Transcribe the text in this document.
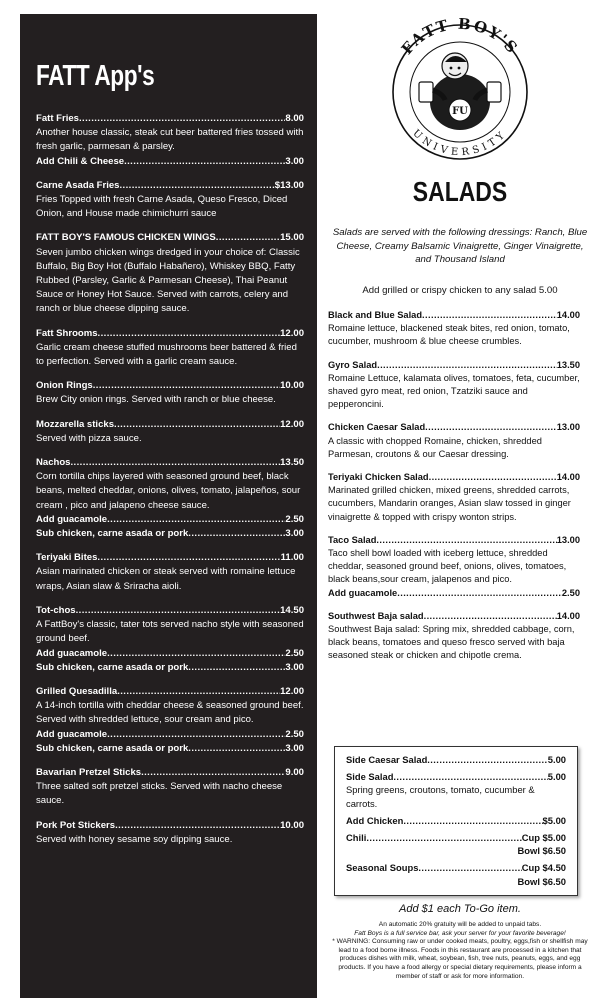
FATT App's
Fatt Fries .....	8.00
Another house classic, steak cut beer battered fries tossed with fresh garlic, parmesan & parsley.
Add Chili & Cheese .....	3.00
Carne Asada Fries .....	$13.00
Fries Topped with fresh Carne Asada, Queso Fresco, Diced Onion, and House made chimichurri sauce
FATT BOY'S FAMOUS CHICKEN WINGS .....	15.00
Seven jumbo chicken wings dredged in your choice of: Classic Buffalo, Big Boy Hot (Buffalo Habañero), Whiskey BBQ, Fatty Rubbed (Parsley, Garlic & Parmesan Cheese), Thai Peanut Sauce or Honey Hot Sauce. Served with carrots, celery and ranch or blue cheese dipping sauce.
Fatt Shrooms .....	12.00
Garlic cream cheese stuffed mushrooms beer battered & fried to perfection. Served with a garlic cream sauce.
Onion Rings .....	10.00
Brew City onion rings. Served with ranch or blue cheese.
Mozzarella sticks .....	12.00
Served with pizza sauce.
Nachos .....	13.50
Corn tortilla chips layered with seasoned ground beef, black beans, melted cheddar, onions, olives, tomato, jalapeños, sour cream , pico and jalapeno cheese sauce.
Add guacamole .....	2.50
Sub chicken, carne asada or pork .....	3.00
Teriyaki Bites .....	11.00
Asian marinated chicken or steak served with romaine lettuce wraps, Asian slaw & Sriracha aioli.
Tot-chos .....	14.50
A FattBoy's classic, tater tots served nacho style with seasoned ground beef.
Add guacamole .....	2.50
Sub chicken, carne asada or pork .....	3.00
Grilled Quesadilla .....	12.00
A 14-inch tortilla with cheddar cheese & seasoned ground beef. Served with shredded lettuce, sour cream and pico.
Add guacamole .....	2.50
Sub chicken, carne asada or pork .....	3.00
Bavarian Pretzel Sticks .....	9.00
Three salted soft pretzel sticks. Served with nacho cheese sauce.
Pork Pot Stickers .....	10.00
Served with honey sesame soy dipping sauce.
FATT BOY'S
UNIVERSITY
FU
SALADS
Salads are served with the following dressings: Ranch, Blue Cheese, Creamy Balsamic Vinaigrette, Ginger Vinaigrette, and Thousand Island
Add grilled or crispy chicken to any salad 5.00
Black and Blue Salad .....	14.00
Romaine lettuce, blackened steak bites, red onion, tomato, cucumber, mushroom & blue cheese crumbles.
Gyro Salad .....	13.50
Romaine Lettuce, kalamata olives, tomatoes, feta, cucumber, shaved gyro meat, red onion, Tzatziki sauce and pepperoncini.
Chicken Caesar Salad .....	13.00
A classic with chopped Romaine, chicken, shredded Parmesan, croutons & our Caesar dressing.
Teriyaki Chicken Salad .....	14.00
Marinated grilled chicken, mixed greens, shredded carrots, cucumbers, Mandarin oranges, Asian slaw tossed in ginger vinaigrette & topped with crispy wonton strips.
Taco Salad .....	13.00
Taco shell bowl loaded with iceberg lettuce, shredded cheddar, seasoned ground beef, onions, olives, tomatoes, black beans,sour cream, jalapenos and pico.
Add guacamole .....	2.50
Southwest Baja salad .....	14.00
Southwest Baja salad: Spring mix, shredded cabbage, corn, black beans, tomatoes and queso fresco served with baja seasoned steak or chicken and chipotle crema.
Side Caesar Salad .....	5.00
Side Salad .....	5.00
Spring greens, croutons, tomato, cucumber & carrots.
Add Chicken .....	$5.00
Chili .....	Cup $5.00
Bowl $6.50
Seasonal Soups .....	Cup $4.50
Bowl $6.50
Add $1 each To-Go item.
An automatic 20% gratuity will be added to unpaid tabs.
Fatt Boys is a full service bar, ask your server for your favorite beverage!
* WARNING: Consuming raw or under cooked meats, poultry, eggs,fish or shellfish may lead to a food borne illness. Foods in this restaurant are processed in a kitchen that produces dishes with milk, wheat, soybean, fish, tree nuts, peanuts, eggs, and egg products. If you have a food allergy or special dietary requirements, please inform a member of staff or ask for more information.
